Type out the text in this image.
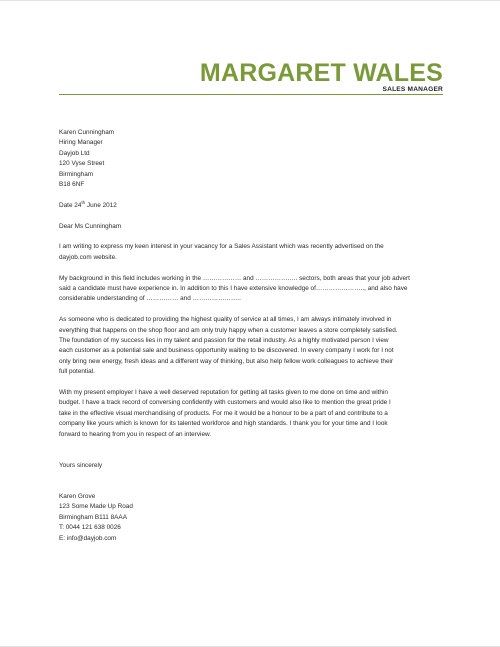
MARGARET WALES
SALES MANAGER
Karen Cunningham
Hiring Manager
Dayjob Ltd
120 Vyse Street
Birmingham
B18 6NF
Date 24th June 2012
Dear Ms Cunningham
I am writing to express my keen interest in your vacancy for a Sales Assistant which was recently advertised on the
dayjob.com website.
My background in this field includes working in the ……………… and ……………….. sectors, both areas that your job advert
said a candidate must have experience in. In addition to this I have extensive knowledge of………………….., and also have
considerable understanding of …………… and …………………..
As someone who is dedicated to providing the highest quality of service at all times, I am always intimately involved in
everything that happens on the shop floor and am only truly happy when a customer leaves a store completely satisfied.
The foundation of my success lies in my talent and passion for the retail industry. As a highly motivated person I view
each customer as a potential sale and business opportunity waiting to be discovered. In every company I work for I not
only bring new energy, fresh ideas and a different way of thinking, but also help fellow work colleagues to achieve their
full potential.
With my present employer I have a well deserved reputation for getting all tasks given to me done on time and within
budget. I have a track record of conversing confidently with customers and would also like to mention the great pride I
take in the effective visual merchandising of products. For me it would be a honour to be a part of and contribute to a
company like yours which is known for its talented workforce and high standards. I thank you for your time and I look
forward to hearing from you in respect of an interview.
Yours sincerely
Karen Grove
123 Some Made Up Road
Birmingham B111 8AAA
T: 0044 121 638 0026
E: info@dayjob.com
